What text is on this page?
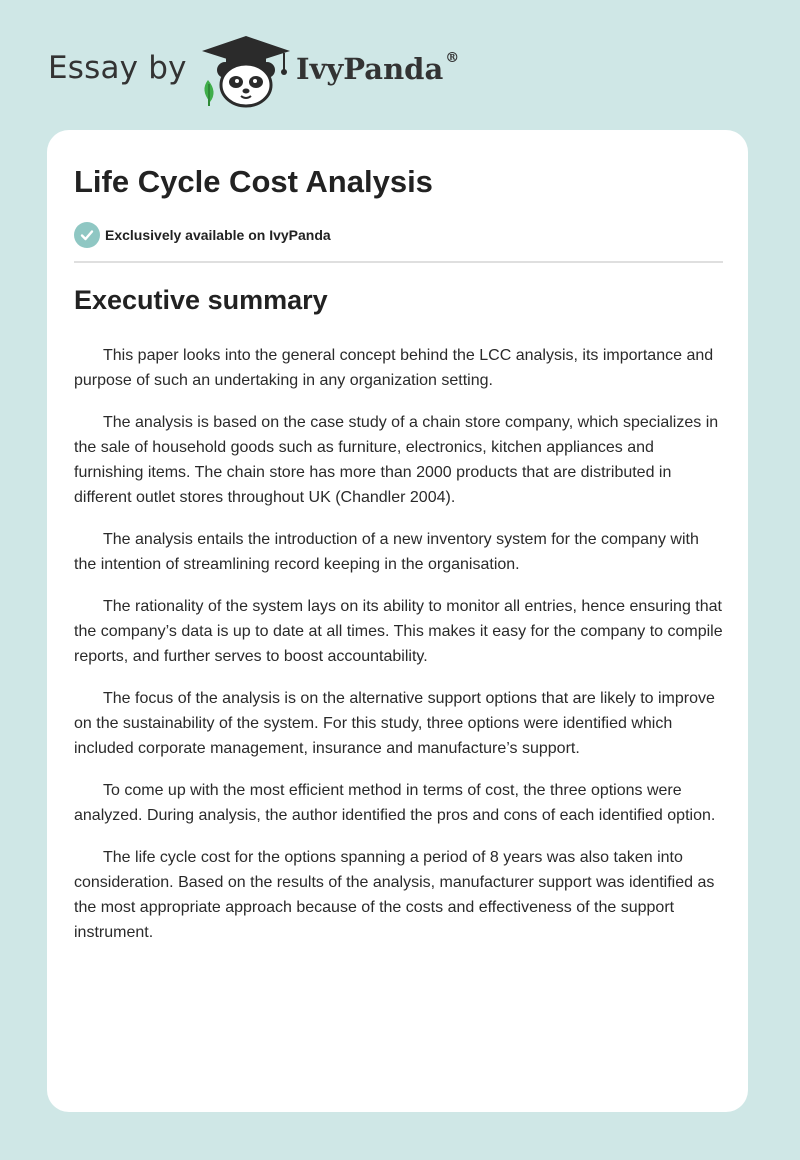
Essay by	IvyPanda ®
Life Cycle Cost Analysis
Exclusively available on IvyPanda
Executive summary

This paper looks into the general concept behind the LCC analysis, its importance and purpose of such an undertaking in any organization setting.

The analysis is based on the case study of a chain store company, which specializes in the sale of household goods such as furniture, electronics, kitchen appliances and furnishing items. The chain store has more than 2000 products that are distributed in different outlet stores throughout UK (Chandler 2004).

The analysis entails the introduction of a new inventory system for the company with the intention of streamlining record keeping in the organisation.

The rationality of the system lays on its ability to monitor all entries, hence ensuring that the company’s data is up to date at all times. This makes it easy for the company to compile reports, and further serves to boost accountability.

The focus of the analysis is on the alternative support options that are likely to improve on the sustainability of the system. For this study, three options were identified which included corporate management, insurance and manufacture’s support.

To come up with the most efficient method in terms of cost, the three options were analyzed. During analysis, the author identified the pros and cons of each identified option.

The life cycle cost for the options spanning a period of 8 years was also taken into consideration. Based on the results of the analysis, manufacturer support was identified as the most appropriate approach because of the costs and effectiveness of the support instrument.
